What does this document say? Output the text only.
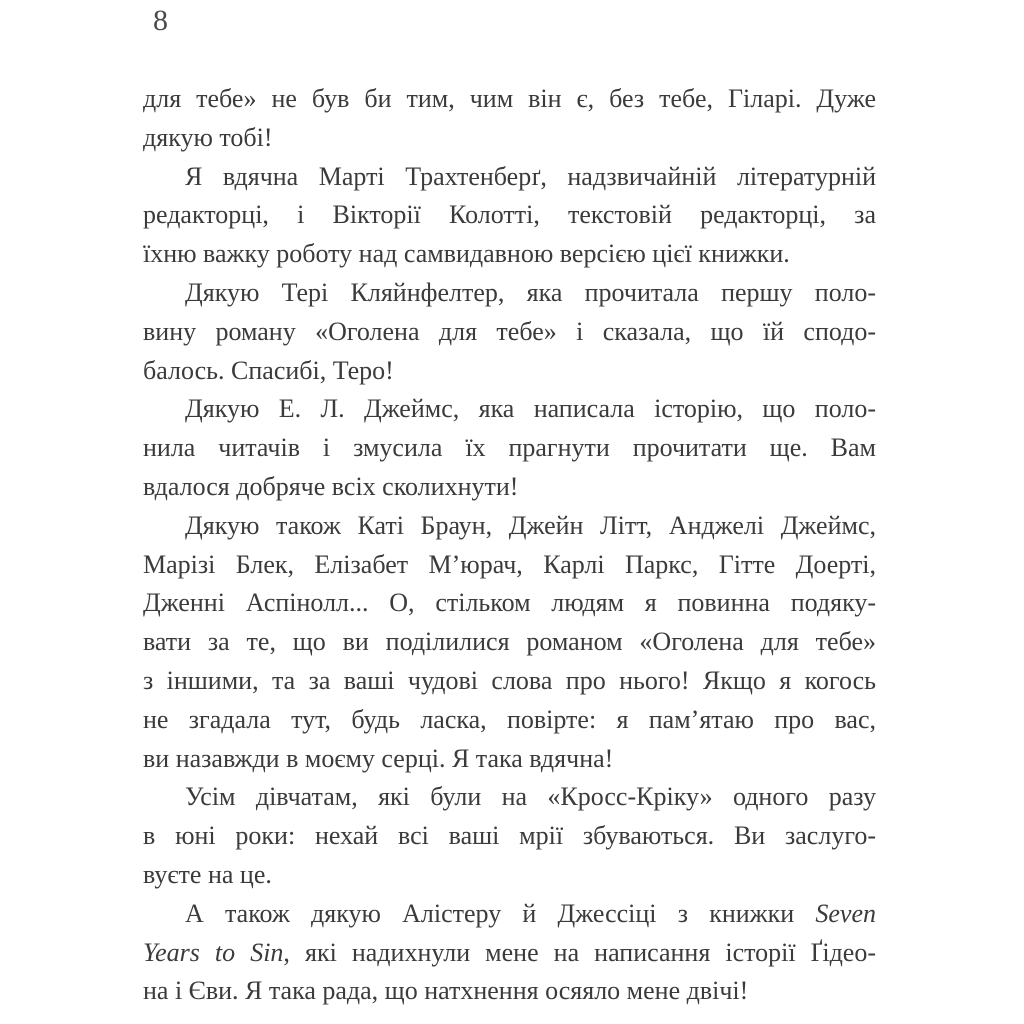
8
для тебе» не був би тим, чим він є, без тебе, Гіларі. Дуже
дякую тобі!
Я вдячна Марті Трахтенберґ, надзвичайній літературній
редакторці, і Вікторії Колотті, текстовій редакторці, за
їхню важку роботу над самвидавною версією цієї книжки.
Дякую Тері Кляйнфелтер, яка прочитала першу поло-
вину роману «Оголена для тебе» і сказала, що їй сподо-
балось. Спасибі, Теро!
Дякую Е. Л. Джеймс, яка написала історію, що поло-
нила читачів і змусила їх прагнути прочитати ще. Вам
вдалося добряче всіх сколихнути!
Дякую також Каті Браун, Джейн Літт, Анджелі Джеймс,
Марізі Блек, Елізабет М’юрач, Карлі Паркс, Гітте Доерті,
Дженні Аспінолл... О, стільком людям я повинна подяку-
вати за те, що ви поділилися романом «Оголена для тебе»
з іншими, та за ваші чудові слова про нього! Якщо я когось
не згадала тут, будь ласка, повірте: я пам’ятаю про вас,
ви назавжди в моєму серці. Я така вдячна!
Усім дівчатам, які були на «Кросс-Кріку» одного разу
в юні роки: нехай всі ваші мрії збуваються. Ви заслуго-
вуєте на це.
А також дякую Алістеру й Джессіці з книжки Seven
Years to Sin, які надихнули мене на написання історії Ґідео-
на і Єви. Я така рада, що натхнення осяяло мене двічі!
